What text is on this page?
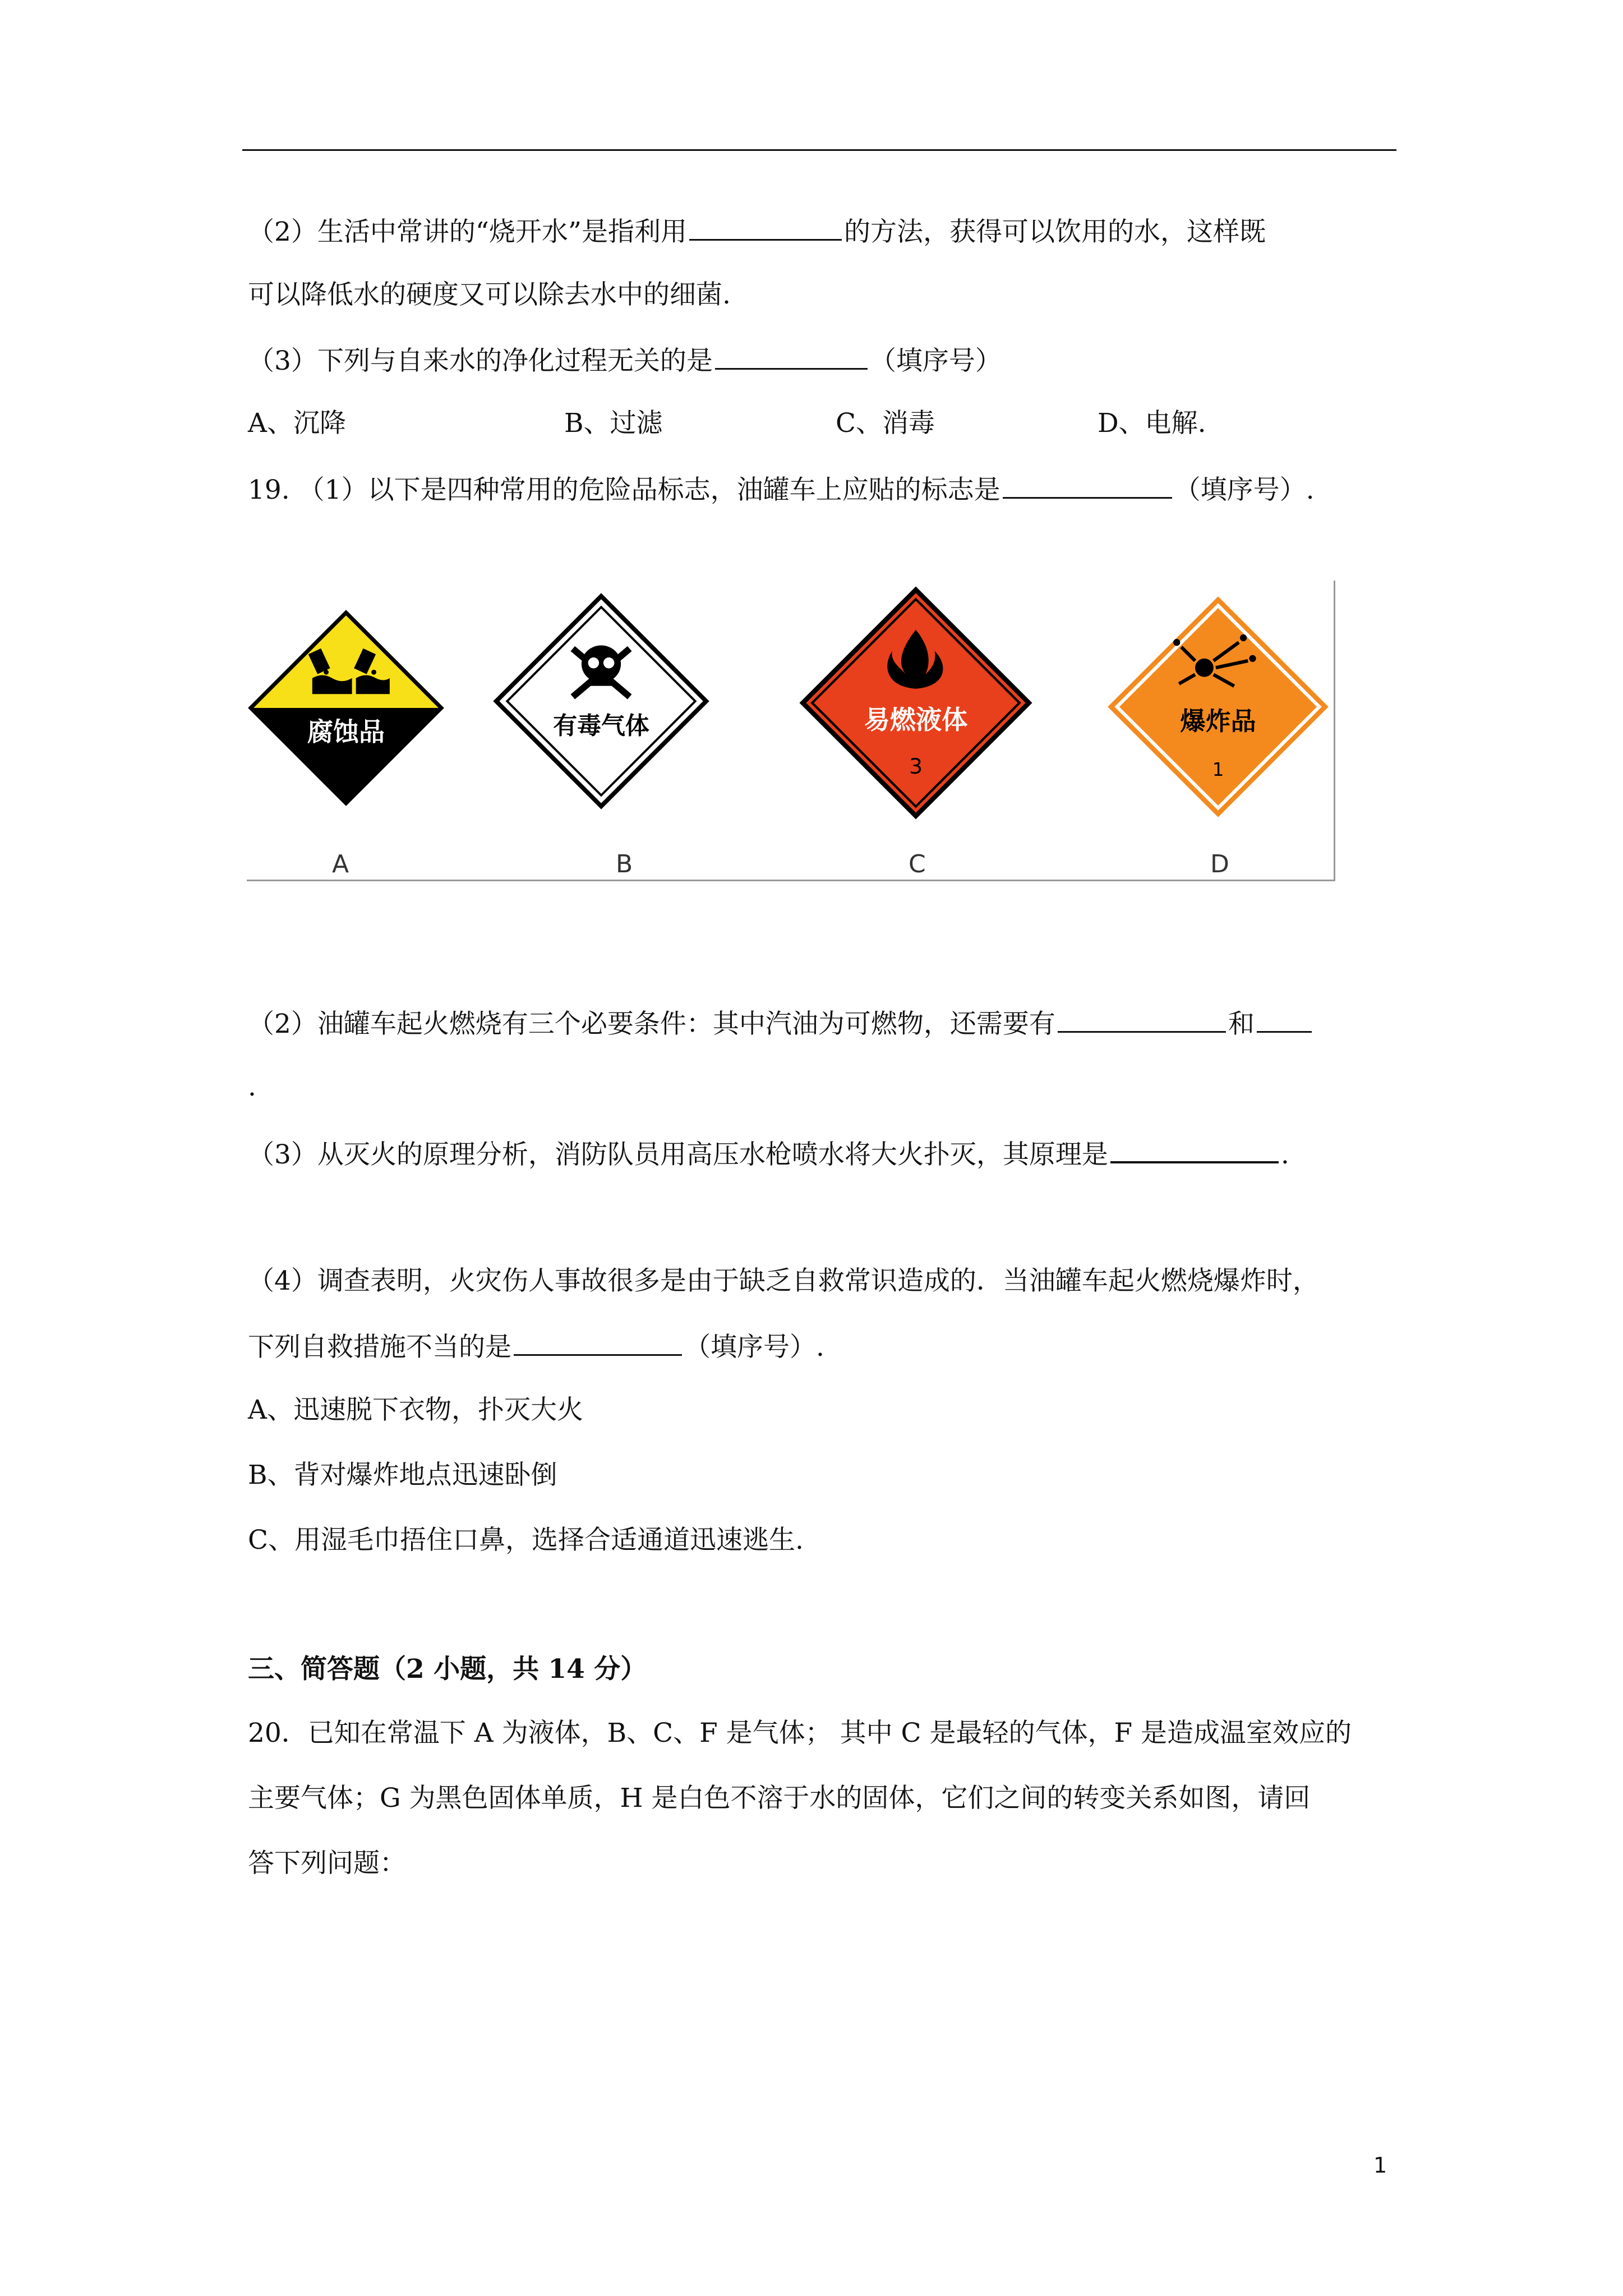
（2）生活中常讲的“烧开水”是指利用	的方法，获得可以饮用的水，这样既
可以降低水的硬度又可以除去水中的细菌.
（3）下列与自来水的净化过程无关的是	（填序号）
A、沉降	B、过滤	C、消毒	D、电解.
19. （1）以下是四种常用的危险品标志，油罐车上应贴的标志是	（填序号）.
腐蚀品
A
有毒气体
B
易燃液体
3
C
爆炸品
1
D
（2）油罐车起火燃烧有三个必要条件：其中汽油为可燃物，还需要有	和
.
（3）从灭火的原理分析，消防队员用高压水枪喷水将大火扑灭，其原理是	.
（4）调查表明，火灾伤人事故很多是由于缺乏自救常识造成的．当油罐车起火燃烧爆炸时，
下列自救措施不当的是	（填序号）.
A、迅速脱下衣物，扑灭大火
B、背对爆炸地点迅速卧倒
C、用湿毛巾捂住口鼻，选择合适通道迅速逃生.
三、简答题（2 小题，共 14 分）
20．已知在常温下 A 为液体，B、C、F 是气体； 其中 C 是最轻的气体，F 是造成温室效应的
主要气体；G 为黑色固体单质，H 是白色不溶于水的固体，它们之间的转变关系如图，请回
答下列问题：
1
